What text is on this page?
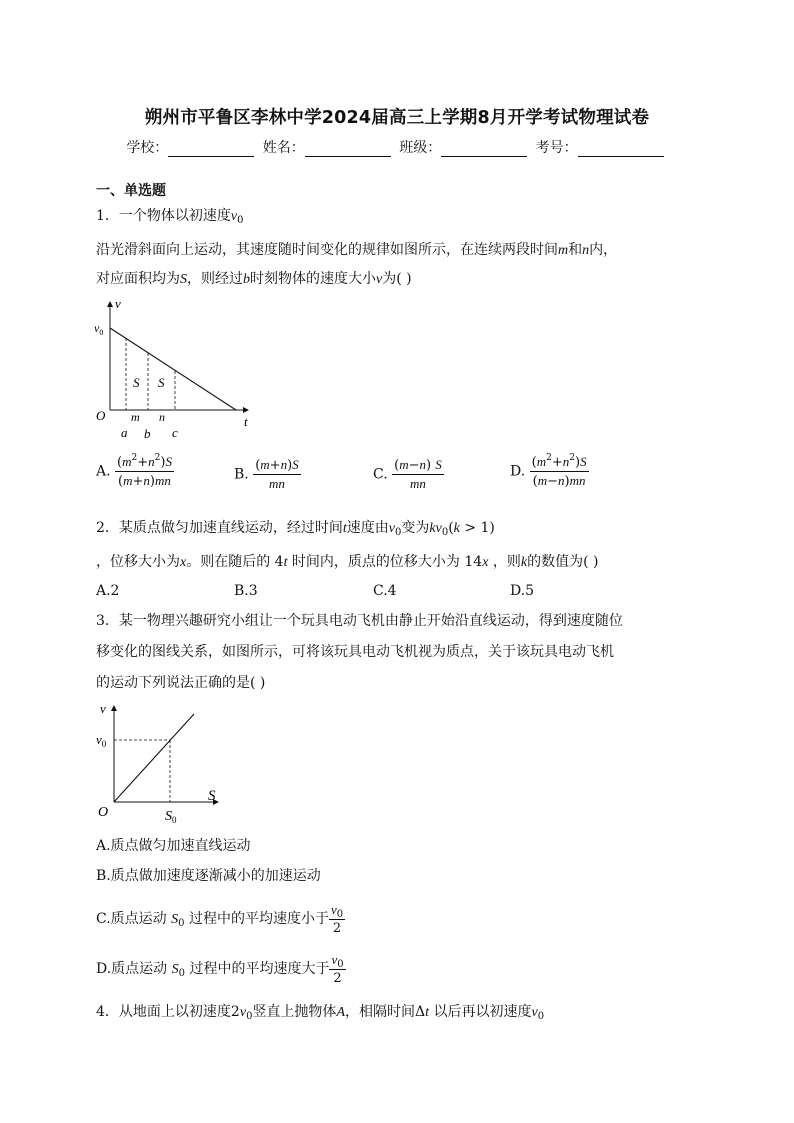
朔州市平鲁区李林中学2024届高三上学期8月开学考试物理试卷
学校：	姓名：	班级：	考号：
一、单选题
1．一个物体以初速度$v_0$
沿光滑斜面向上运动，其速度随时间变化的规律如图所示，在连续两段时间m和n内，
对应面积均为S，则经过b时刻物体的速度大小v为( )
v
$v_0$
O	t
S S
m n
a b c
A. $\frac{(m^2+n^2)S}{(m+n)mn}$	B. $\frac{(m+n)S}{mn}$	C. $\frac{(m-n) S}{mn}$	D. $\frac{(m^2+n^2)S}{(m-n)mn}$
2．某质点做匀加速直线运动，经过时间t速度由$v_0$变为$kv_0(k > 1)$
，位移大小为x。则在随后的 4t 时间内，质点的位移大小为 14x ，则k的数值为( )
A.2	B.3	C.4	D.5
3．某一物理兴趣研究小组让一个玩具电动飞机由静止开始沿直线运动，得到速度随位
移变化的图线关系，如图所示，可将该玩具电动飞机视为质点，关于该玩具电动飞机
的运动下列说法正确的是( )
v
$v_0$
O
S
$S_0$
A.质点做匀加速直线运动
B.质点做加速度逐渐减小的加速运动
C.质点运动 $S_0$ 过程中的平均速度小于 $\frac{v_0}{2}$
D.质点运动 $S_0$ 过程中的平均速度大于 $\frac{v_0}{2}$
4．从地面上以初速度$2v_0$竖直上抛物体A，相隔时间Δt 以后再以初速度$v_0$
